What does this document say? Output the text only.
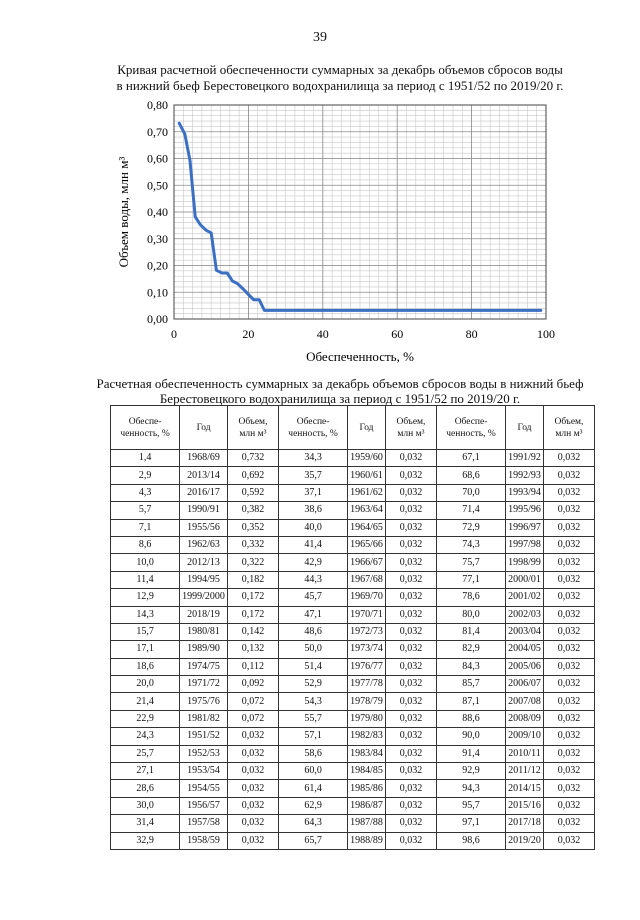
39
Кривая расчетной обеспеченности суммарных за декабрь объемов сбросов воды
в нижний бьеф Берестовецкого водохранилища за период с 1951/52 по 2019/20 г.
0,00
0,10
0,20
0,30
0,40
0,50
0,60
0,70
0,80
0	20	40	60	80	100
Обеспеченность, %
Объем воды, млн м³
Расчетная обеспеченность суммарных за декабрь объемов сбросов воды в нижний бьеф
Берестовецкого водохранилища за период с 1951/52 по 2019/20 г.
Обеспе-ченность, %	Год	Объем, млн м³	Обеспе-ченность, %	Год	Объем, млн м³	Обеспе-ченность, %	Год	Объем, млн м³
1,4	1968/69	0,732	34,3	1959/60	0,032	67,1	1991/92	0,032
2,9	2013/14	0,692	35,7	1960/61	0,032	68,6	1992/93	0,032
4,3	2016/17	0,592	37,1	1961/62	0,032	70,0	1993/94	0,032
5,7	1990/91	0,382	38,6	1963/64	0,032	71,4	1995/96	0,032
7,1	1955/56	0,352	40,0	1964/65	0,032	72,9	1996/97	0,032
8,6	1962/63	0,332	41,4	1965/66	0,032	74,3	1997/98	0,032
10,0	2012/13	0,322	42,9	1966/67	0,032	75,7	1998/99	0,032
11,4	1994/95	0,182	44,3	1967/68	0,032	77,1	2000/01	0,032
12,9	1999/2000	0,172	45,7	1969/70	0,032	78,6	2001/02	0,032
14,3	2018/19	0,172	47,1	1970/71	0,032	80,0	2002/03	0,032
15,7	1980/81	0,142	48,6	1972/73	0,032	81,4	2003/04	0,032
17,1	1989/90	0,132	50,0	1973/74	0,032	82,9	2004/05	0,032
18,6	1974/75	0,112	51,4	1976/77	0,032	84,3	2005/06	0,032
20,0	1971/72	0,092	52,9	1977/78	0,032	85,7	2006/07	0,032
21,4	1975/76	0,072	54,3	1978/79	0,032	87,1	2007/08	0,032
22,9	1981/82	0,072	55,7	1979/80	0,032	88,6	2008/09	0,032
24,3	1951/52	0,032	57,1	1982/83	0,032	90,0	2009/10	0,032
25,7	1952/53	0,032	58,6	1983/84	0,032	91,4	2010/11	0,032
27,1	1953/54	0,032	60,0	1984/85	0,032	92,9	2011/12	0,032
28,6	1954/55	0,032	61,4	1985/86	0,032	94,3	2014/15	0,032
30,0	1956/57	0,032	62,9	1986/87	0,032	95,7	2015/16	0,032
31,4	1957/58	0,032	64,3	1987/88	0,032	97,1	2017/18	0,032
32,9	1958/59	0,032	65,7	1988/89	0,032	98,6	2019/20	0,032
